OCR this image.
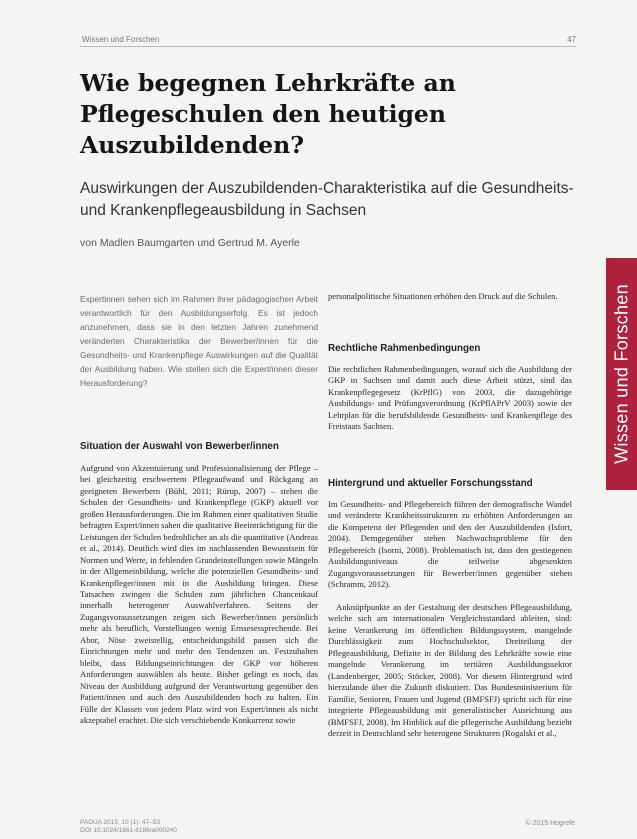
Wissen und Forschen	47
Wie begegnen Lehrkräfte an Pflegeschulen den heutigen Auszubildenden?
Auswirkungen der Auszubildenden-Charakteristika auf die Gesundheits- und Krankenpflegeausbildung in Sachsen
von Madlen Baumgarten und Gertrud M. Ayerle
Wissen und Forschen
Expertinnen sehen sich im Rahmen ihrer pädagogischen Arbeit verantwortlich für den Ausbildungserfolg. Es ist jedoch anzunehmen, dass sie in den letzten Jahren zunehmend veränderten Charakteristika der Bewerber/innen für die Gesundheits- und Krankenpflege Auswirkungen auf die Qualität der Ausbildung haben. Wie stellen sich die Expert/innen dieser Herausforderung?
Situation der Auswahl von Bewerber/innen
Aufgrund von Akzentuierung und Professionalisierung der Pflege – bei gleichzeitig erschwertem Pflegeaufwand und Rückgang an geeigneten Bewerbern (Bühl, 2011; Rürup, 2007) – stehen die Schulen der Gesundheits- und Krankenpflege (GKP) aktuell vor großen Herausforderungen. Die im Rahmen einer qualitativen Studie befragten Expert/innen sahen die qualitative Beeinträchtigung für die Leistungen der Schulen bedrohlicher an als die quantitative (Andreas et al., 2014). Deutlich wird dies im nachlassenden Bewusstsein für Normen und Werte, in fehlenden Grundeinstellungen sowie Mängeln in der Allgemeinbildung, welche die potenziellen Gesundheits- und Krankenpfleger/innen mit in die Ausbildung bringen. Diese Tatsachen zwingen die Schulen zum jährlichen Chancenkauf innerhalb heterogener Auswahlverfahren. Seitens der Zugangsvoraussetzungen zeigen sich Bewerber/innen persönlich mehr als beruflich, Vorstellungen wenig Ernsesessprechende. Bei Abor, Nöse zweistellig, entscheidungsbild passen sich die Einrichtungen mehr und mehr den Tendenzen an. Festzuhalten bleibt, dass Bildungseinrichtungen der GKP vor höheren Anforderungen auswählen als heute. Bisher gelingt es noch, das Niveau der Ausbildung aufgrund der Verantwortung gegenüber den Patient/innen und auch den Auszubildenden hoch zu halten. Ein Fülle der Klassen von jedem Platz wird von Expert/innen als nicht akzeptabel erachtet. Die sich verschiebende Konkurrenz sowie
personalpolitische Situationen erhöhen den Druck auf die Schulen.
Rechtliche Rahmenbedingungen
Die rechtlichen Rahmenbedingungen, worauf sich die Ausbildung der GKP in Sachsen und damit auch diese Arbeit stützt, sind das Krankenpflegegesetz (KrPflG) von 2003, die dazugehörige Ausbildungs- und Prüfungsverordnung (KrPflAPrV 2003) sowie der Lehrplan für die berufsbildende Gesundheits- und Krankenpflege des Freistaats Sachsen.
Hintergrund und aktueller Forschungsstand
Im Gesundheits- und Pflegebereich führen der demografische Wandel und veränderte Krankheitsstrukturen zu erhöhten Anforderungen an die Kompetenz der Pflegenden und den der Auszubildenden (Isfort, 2004). Demgegenüber stehen Nachwuchsprobleme für den Pflegebereich (Isorni, 2008). Problematisch ist, dass den gestiegenen Ausbildungsniveaus die teilweise abgesenkten Zugangsvoraussetzungen für Bewerber/innen gegenüber stehen (Schramm, 2012).
Anknüpfpunkte an der Gestaltung der deutschen Pflegeausbildung, welche sich am internationalen Vergleichsstandard ableiten, sind: keine Verankerung im öffentlichen Bildungssystem, mangelnde Durchlässigkeit zum Hochschulsektor, Dreiteilung der Pflegeausbildung, Defizite in der Bildung des Lehrkräfte sowie eine mangelnde Verankerung im tertiären Ausbildungssektor (Landenberger, 2005; Stöcker, 2008). Vor diesem Hintergrund wird hierzulande über die Zukunft diskutiert. Das Bundesministerium für Familie, Senioren, Frauen und Jugend (BMFSFJ) spricht sich für eine integrierte Pflegeausbildung mit generalistischer Ausrichtung aus (BMFSFJ, 2008). Im Hinblick auf die pflegerische Ausbildung bezieht derzeit in Deutschland sehr heterogene Strukturen (Rogalski et al.,
PADUA 2015; 10 (1): 47–53
DOI 10.1024/1861-6186/a000240
© 2015 Hogrefe
